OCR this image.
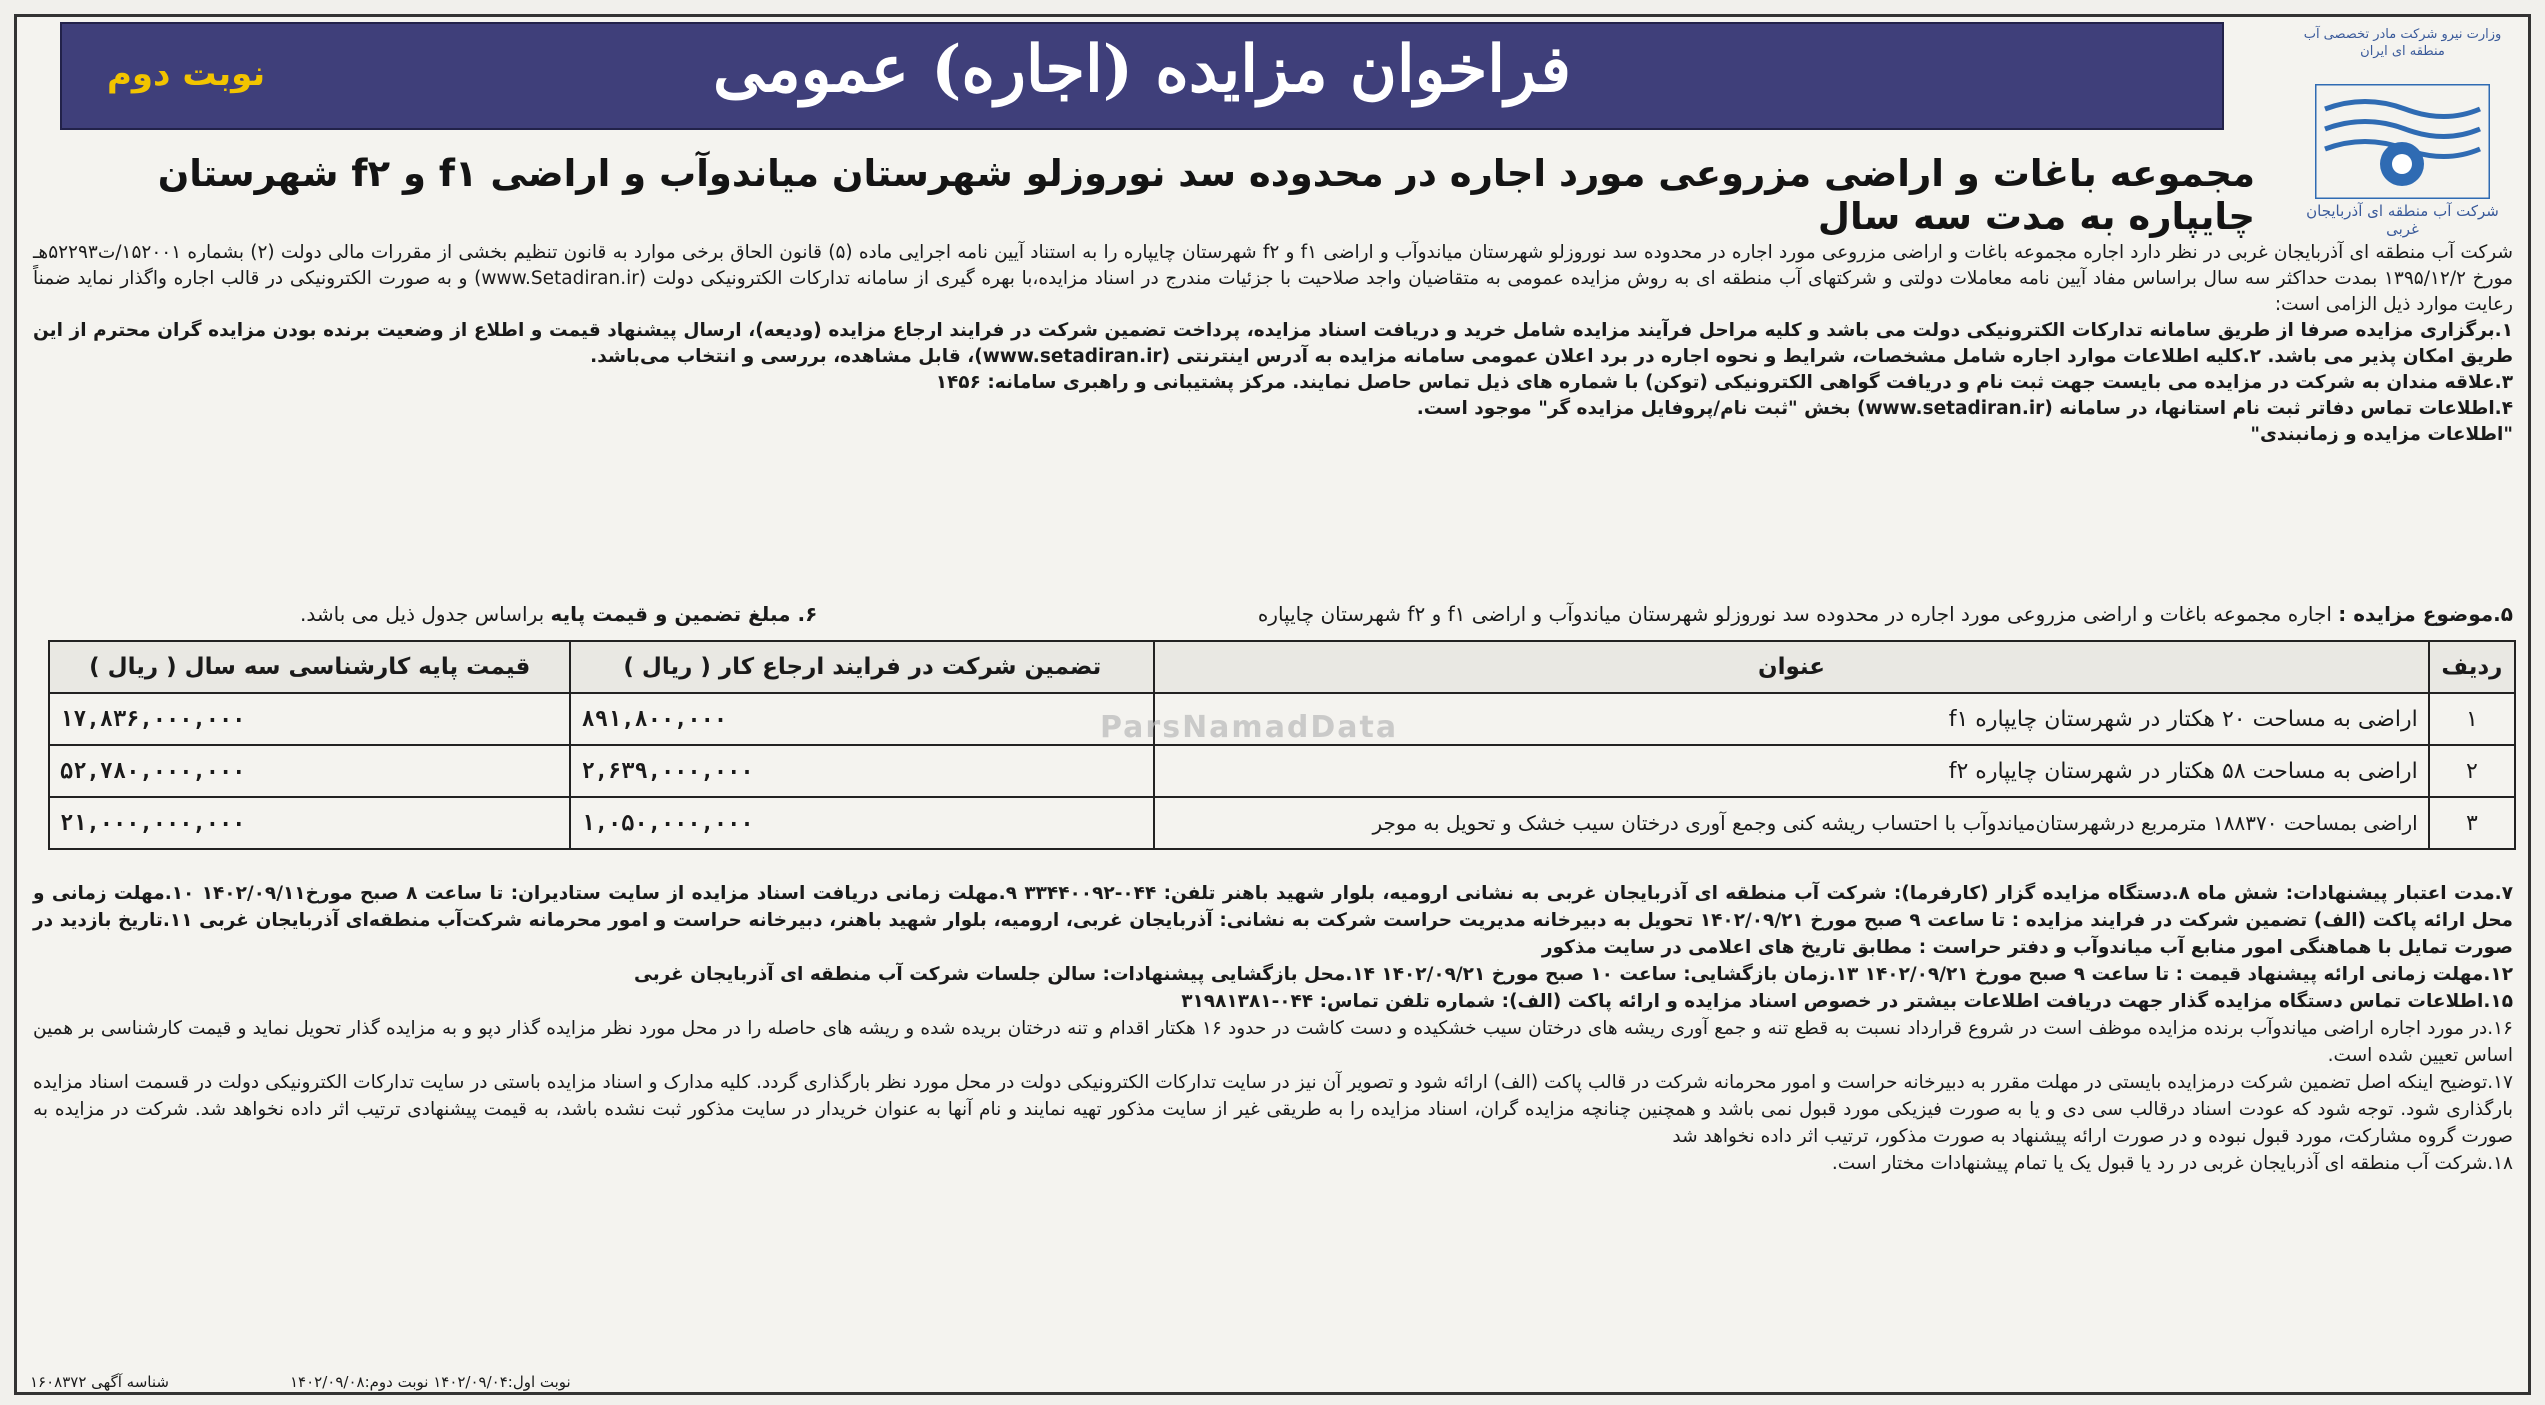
فراخوان مزایده (اجاره) عمومی
نوبت دوم
وزارت نیرو شرکت مادر تخصصی آب منطقه ای ایران
شرکت آب منطقه ای آذربایجان غربی
مجموعه باغات و اراضی مزروعی مورد اجاره در محدوده سد نوروزلو شهرستان میاندوآب و اراضی f۱ و f۲ شهرستان چایپاره به مدت سه سال

شرکت آب منطقه ای آذربایجان غربی در نظر دارد اجاره مجموعه باغات و اراضی مزروعی مورد اجاره در محدوده سد نوروزلو شهرستان میاندوآب و اراضی f۱ و f۲ شهرستان چایپاره را به استناد آیین نامه اجرایی ماده (۵) قانون الحاق برخی موارد به قانون تنظیم بخشی از مقررات مالی دولت (۲) بشماره ۱۵۲۰۰۱/ت۵۲۲۹۳هـ مورخ ۱۳۹۵/۱۲/۲ بمدت حداکثر سه سال براساس مفاد آیین نامه معاملات دولتی و شرکتهای آب منطقه ای به روش مزایده عمومی به متقاضیان واجد صلاحیت با جزئیات مندرج در اسناد مزایده،با بهره گیری از سامانه تدارکات الکترونیکی دولت (www.Setadiran.ir) و به صورت الکترونیکی در قالب اجاره واگذار نماید ضمناً رعایت موارد ذیل الزامی است:

۱.برگزاری مزایده صرفا از طریق سامانه تدارکات الکترونیکی دولت می باشد و کلیه مراحل فرآیند مزایده شامل خرید و دریافت اسناد مزایده، پرداخت تضمین شرکت در فرایند ارجاع مزایده (ودیعه)، ارسال پیشنهاد قیمت و اطلاع از وضعیت برنده بودن مزایده گران محترم از این طریق امکان پذیر می باشد. ۲.کلیه اطلاعات موارد اجاره شامل مشخصات، شرایط و نحوه اجاره در برد اعلان عمومی سامانه مزایده به آدرس اینترنتی (www.setadiran.ir)، قابل مشاهده، بررسی و انتخاب می‌باشد.

۳.علاقه مندان به شرکت در مزایده می بایست جهت ثبت نام و دریافت گواهی الکترونیکی (توکن) با شماره های ذیل تماس حاصل نمایند. مرکز پشتیبانی و راهبری سامانه: ۱۴۵۶

۴.اطلاعات تماس دفاتر ثبت نام استانها، در سامانه (www.setadiran.ir) بخش "ثبت نام/پروفایل مزایده گر" موجود است.

"اطلاعات مزایده و زمانبندی"

۵.موضوع مزایده : اجاره مجموعه باغات و اراضی مزروعی مورد اجاره در محدوده سد نوروزلو شهرستان میاندوآب و اراضی f۱ و f۲ شهرستان چایپاره
۶. مبلغ تضمین و قیمت پایه براساس جدول ذیل می باشد.
ردیف	عنوان	تضمین شرکت در فرایند ارجاع کار ( ریال )	قیمت پایه کارشناسی سه سال ( ریال )
۱	اراضی به مساحت ۲۰ هکتار در شهرستان چایپاره f۱	۸۹۱,۸۰۰,۰۰۰	۱۷,۸۳۶,۰۰۰,۰۰۰
۲	اراضی به مساحت ۵۸ هکتار در شهرستان چایپاره f۲	۲,۶۳۹,۰۰۰,۰۰۰	۵۲,۷۸۰,۰۰۰,۰۰۰
۳	اراضی بمساحت ۱۸۸۳۷۰ مترمربع درشهرستان‌میاندوآب با احتساب ریشه کنی وجمع آوری درختان سیب خشک و تحویل به موجر	۱,۰۵۰,۰۰۰,۰۰۰	۲۱,۰۰۰,۰۰۰,۰۰۰
ParsNamadData

۷.مدت اعتبار پیشنهادات: شش ماه ۸.دستگاه مزایده گزار (کارفرما): شرکت آب منطقه ای آذربایجان غربی به نشانی ارومیه، بلوار شهید باهنر تلفن: ۰۴۴-۳۳۴۴۰۰۹۲ ۹.مهلت زمانی دریافت اسناد مزایده از سایت ستادیران: تا ساعت ۸ صبح مورخ۱۴۰۲/۰۹/۱۱ ۱۰.مهلت زمانی و محل ارائه پاکت (الف) تضمین شرکت در فرایند مزایده : تا ساعت ۹ صبح مورخ ۱۴۰۲/۰۹/۲۱ تحویل به دبیرخانه مدیریت حراست شرکت به نشانی: آذربایجان غربی، ارومیه، بلوار شهید باهنر، دبیرخانه حراست و امور محرمانه شرکت‌آب منطقه‌ای آذربایجان غربی ۱۱.تاریخ بازدید در صورت تمایل با هماهنگی امور منابع آب میاندوآب و دفتر حراست : مطابق تاریخ های اعلامی در سایت مذکور

۱۲.مهلت زمانی ارائه پیشنهاد قیمت : تا ساعت ۹ صبح مورخ ۱۴۰۲/۰۹/۲۱ ۱۳.زمان بازگشایی: ساعت ۱۰ صبح مورخ ۱۴۰۲/۰۹/۲۱ ۱۴.محل بازگشایی پیشنهادات: سالن جلسات شرکت آب منطقه ای آذربایجان غربی

۱۵.اطلاعات تماس دستگاه مزایده گذار جهت دریافت اطلاعات بیشتر در خصوص اسناد مزایده و ارائه پاکت (الف): شماره تلفن تماس: ۰۴۴-۳۱۹۸۱۳۸۱

۱۶.در مورد اجاره اراضی میاندوآب برنده مزایده موظف است در شروع قرارداد نسبت به قطع تنه و جمع آوری ریشه های درختان سیب خشکیده و دست کاشت در حدود ۱۶ هکتار اقدام و تنه درختان بریده شده و ریشه های حاصله را در محل مورد نظر مزایده گذار دپو و به مزایده گذار تحویل نماید و قیمت کارشناسی بر همین اساس تعیین شده است.

۱۷.توضیح اینکه اصل تضمین شرکت درمزایده بایستی در مهلت مقرر به دبیرخانه حراست و امور محرمانه شرکت در قالب پاکت (الف) ارائه شود و تصویر آن نیز در سایت تدارکات الکترونیکی دولت در محل مورد نظر بارگذاری گردد. کلیه مدارک و اسناد مزایده باستی در سایت تدارکات الکترونیکی دولت در قسمت اسناد مزایده بارگذاری شود. توجه شود که عودت اسناد درقالب سی دی و یا به صورت فیزیکی مورد قبول نمی باشد و همچنین چنانچه مزایده گران، اسناد مزایده را به طریقی غیر از سایت مذکور تهیه نمایند و نام آنها به عنوان خریدار در سایت مذکور ثبت نشده باشد، به قیمت پیشنهادی ترتیب اثر داده نخواهد شد. شرکت در مزایده به صورت گروه مشارکت، مورد قبول نبوده و در صورت ارائه پیشنهاد به صورت مذکور، ترتیب اثر داده نخواهد شد

۱۸.شرکت آب منطقه ای آذربایجان غربی در رد یا قبول یک یا تمام پیشنهادات مختار است.

شناسه آگهی ۱۶۰۸۳۷۲	نوبت اول:۱۴۰۲/۰۹/۰۴ نوبت دوم:۱۴۰۲/۰۹/۰۸
